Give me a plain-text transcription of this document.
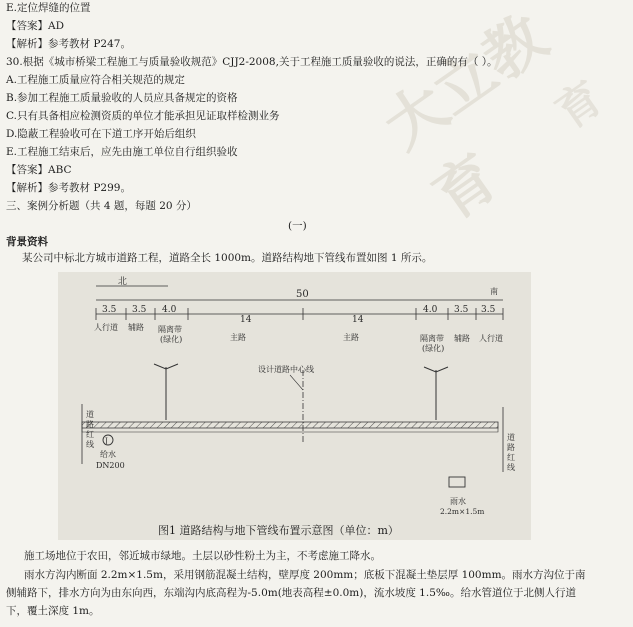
大立教育
育
E.定位焊缝的位置
【答案】AD
【解析】参考教材 P247。
30.根据《城市桥梁工程施工与质量验收规范》CJJ2-2008,关于工程施工质量验收的说法，正确的有（ ）。
A.工程施工质量应符合相关规范的规定
B.参加工程施工质量验收的人员应具备规定的资格
C.只有具备相应检测资质的单位才能承担见证取样检测业务
D.隐蔽工程验收可在下道工序开始后组织
E.工程施工结束后，应先由施工单位自行组织验收
【答案】ABC
【解析】参考教材 P299。
三、案例分析题（共 4 题，每题 20 分）
(一)
背景资料
某公司中标北方城市道路工程，道路全长 1000m。道路结构地下管线布置如图 1 所示。
北
南
50
3.5 3.5 4.0
14	14
4.0 3.5 3.5
人行道 辅路 隔离带
(绿化)	主路	主路	隔离带
(绿化)
辅路 人行道
设计道路中心线
道
路
红
线
道
路
红
线
J
给水
DN200
雨水
2.2m×1.5m
图1 道路结构与地下管线布置示意图（单位：m）
施工场地位于农田，邻近城市绿地。土层以砂性粉土为主，不考虑施工降水。
雨水方沟内断面 2.2m×1.5m，采用钢筋混凝土结构，壁厚度 200mm；底板下混凝土垫层厚 100mm。雨水方沟位于南侧辅路下，排水方向为由东向西，东端沟内底高程为-5.0m(地表高程±0.0m)，流水坡度 1.5‰。给水管道位于北侧人行道下，覆土深度 1m。
